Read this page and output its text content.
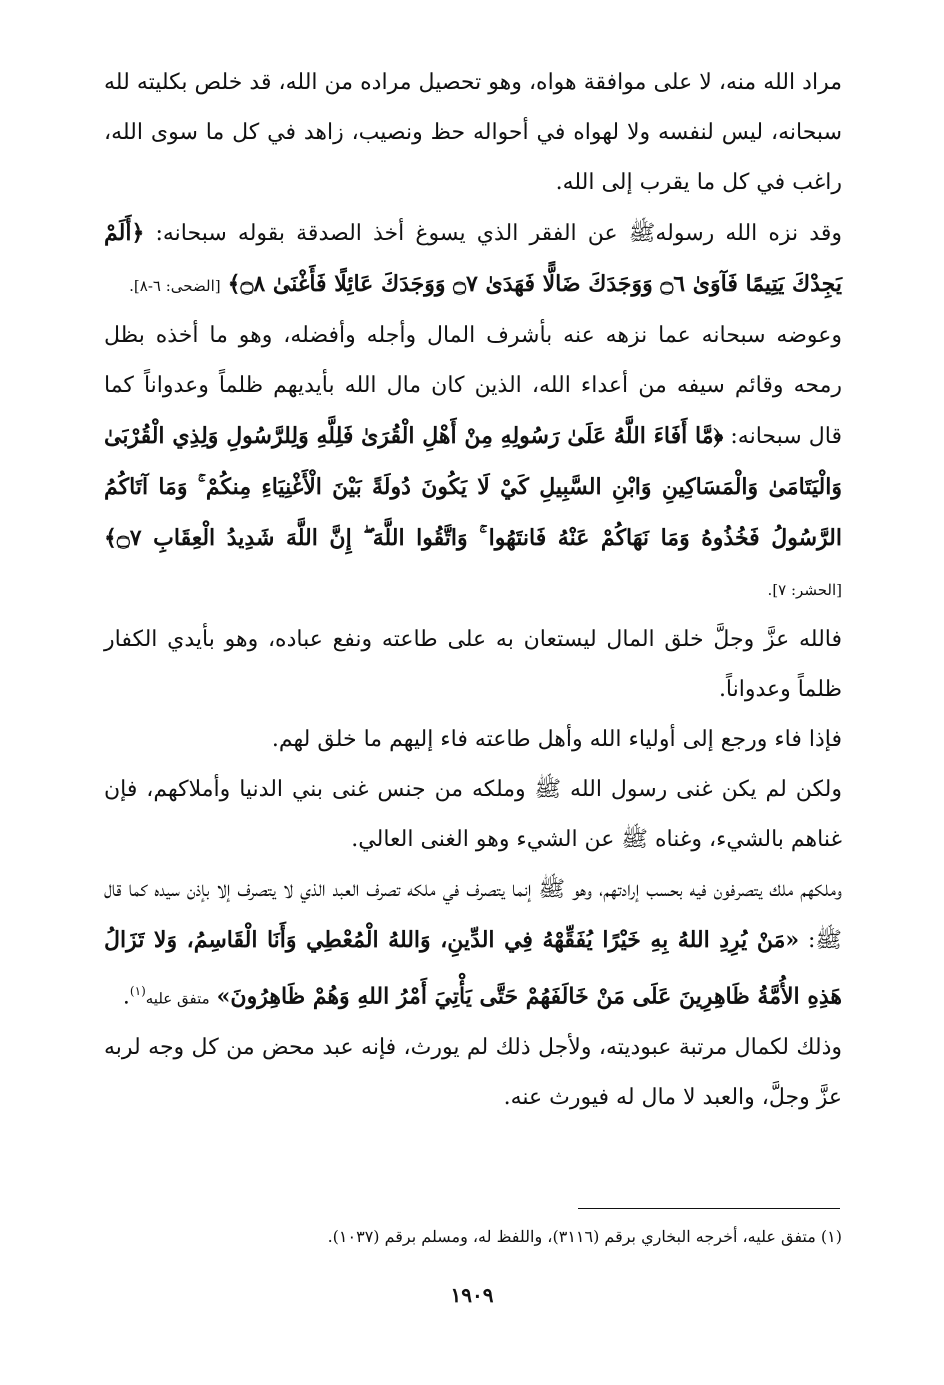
مراد الله منه، لا على موافقة هواه، وهو تحصيل مراده من الله، قد خلص بكليته لله سبحانه، ليس لنفسه ولا لهواه في أحواله حظ ونصيب، زاهد في كل ما سوى الله، راغب في كل ما يقرب إلى الله.

وقد نزه الله رسولهﷺ عن الفقر الذي يسوغ أخذ الصدقة بقوله سبحانه: ﴿أَلَمْ يَجِدْكَ يَتِيمًا فَآوَىٰ ۝٦ وَوَجَدَكَ ضَالًّا فَهَدَىٰ ۝٧ وَوَجَدَكَ عَائِلًا فَأَغْنَىٰ ۝٨﴾ [الضحى: ٦-٨].

وعوضه سبحانه عما نزهه عنه بأشرف المال وأجله وأفضله، وهو ما أخذه بظل رمحه وقائم سيفه من أعداء الله، الذين كان مال الله بأيديهم ظلماً وعدواناً كما قال سبحانه: ﴿مَّا أَفَاءَ اللَّهُ عَلَىٰ رَسُولِهِ مِنْ أَهْلِ الْقُرَىٰ فَلِلَّهِ وَلِلرَّسُولِ وَلِذِي الْقُرْبَىٰ وَالْيَتَامَىٰ وَالْمَسَاكِينِ وَابْنِ السَّبِيلِ كَيْ لَا يَكُونَ دُولَةً بَيْنَ الْأَغْنِيَاءِ مِنكُمْ ۚ وَمَا آتَاكُمُ الرَّسُولُ فَخُذُوهُ وَمَا نَهَاكُمْ عَنْهُ فَانتَهُوا ۚ وَاتَّقُوا اللَّهَ ۖ إِنَّ اللَّهَ شَدِيدُ الْعِقَابِ ۝٧﴾ [الحشر: ٧].

فالله عزَّ وجلَّ خلق المال ليستعان به على طاعته ونفع عباده، وهو بأيدي الكفار ظلماً وعدواناً.

فإذا فاء ورجع إلى أولياء الله وأهل طاعته فاء إليهم ما خلق لهم.

ولكن لم يكن غنى رسول الله ﷺ وملكه من جنس غنى بني الدنيا وأملاكهم، فإن غناهم بالشيء، وغناه ﷺ عن الشيء وهو الغنى العالي.

وملكهم ملك يتصرفون فيه بحسب إرادتهم، وهو ﷺ إنما يتصرف في ملكه تصرف العبد الذي لا يتصرف إلا بإذن سيده كما قال ﷺ: «مَنْ يُرِدِ اللهُ بِهِ خَيْرًا يُفَقِّهْهُ فِي الدِّينِ، وَاللهُ الْمُعْطِي وَأَنَا الْقَاسِمُ، وَلا تَزَالُ هَذِهِ الأُمَّةُ ظَاهِرِينَ عَلَى مَنْ خَالَفَهُمْ حَتَّى يَأْتِيَ أَمْرُ اللهِ وَهُمْ ظَاهِرُونَ» متفق عليه$^{(١)}$.

وذلك لكمال مرتبة عبوديته، ولأجل ذلك لم يورث، فإنه عبد محض من كل وجه لربه عزَّ وجلَّ، والعبد لا مال له فيورث عنه.

(١) متفق عليه، أخرجه البخاري برقم (٣١١٦)، واللفظ له، ومسلم برقم (١٠٣٧).
١٩٠٩
